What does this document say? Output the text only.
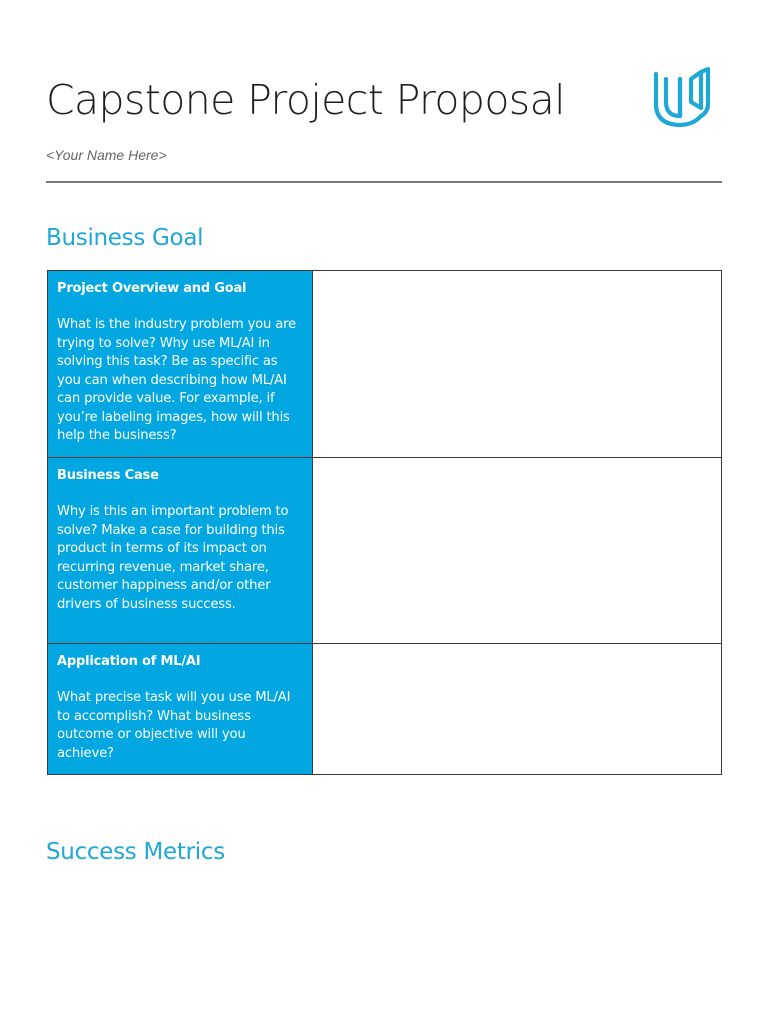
Capstone Project Proposal
<Your Name Here>
Business Goal

Project Overview and Goal

What is the industry problem you are trying to solve? Why use ML/AI in solving this task? Be as specific as you can when describing how ML/AI can provide value. For example, if you’re labeling images, how will this help the business?	

Business Case

Why is this an important problem to solve? Make a case for building this product in terms of its impact on recurring revenue, market share, customer happiness and/or other drivers of business success.	

Application of ML/AI

What precise task will you use ML/AI to accomplish? What business outcome or objective will you achieve?	

Success Metrics
